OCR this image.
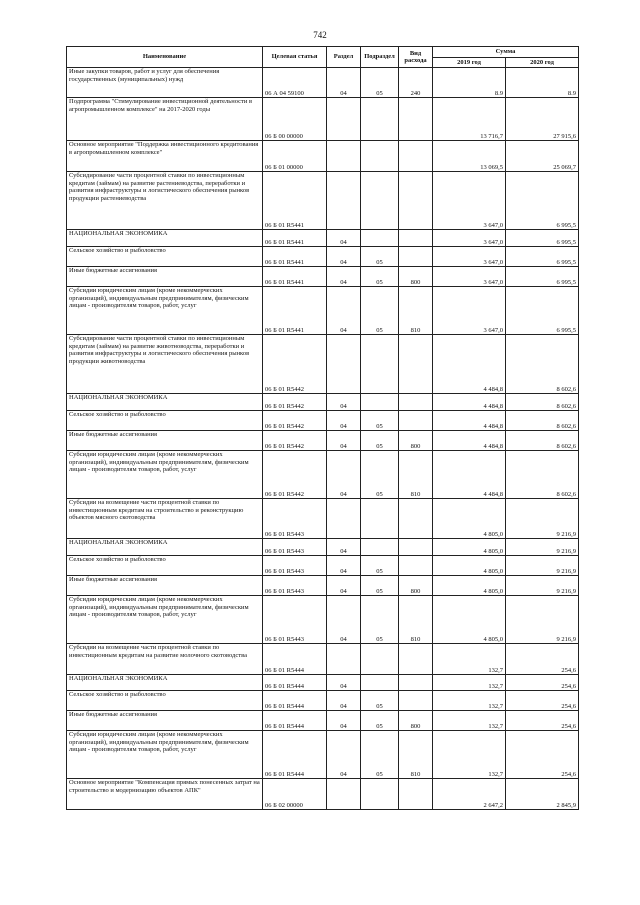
742
Наименование	Целевая статья	Раздел	Подраздел	Вид расхода	Сумма	
					2019 год	2020 год
Иные закупки товаров, работ и услуг для обеспечения государственных (муниципальных) нужд	06 А 04 59100	04	05	240	8.9	8.9
Подпрограмма "Стимулирование инвестиционной деятельности в агропромышленном комплексе" на 2017-2020 годы	06 Б 00 00000				13 716,7	27 915,6
Основное мероприятие "Поддержка инвестиционного кредитования в агропромышленном комплексе"	06 Б 01 00000				13 069,5	25 069,7
Субсидирование части процентной ставки по инвестиционным кредитам (займам) на развитие растениеводства, переработки и развития инфраструктуры и логистического обеспечения рынков продукции растениеводства	06 Б 01 R5441				3 647,0	6 995,5
НАЦИОНАЛЬНАЯ ЭКОНОМИКА	06 Б 01 R5441	04			3 647,0	6 995,5
Сельское хозяйство и рыболовство	06 Б 01 R5441	04	05		3 647,0	6 995,5
Иные бюджетные ассигнования	06 Б 01 R5441	04	05	800	3 647,0	6 995,5
Субсидии юридическим лицам (кроме некоммерческих организаций), индивидуальным предпринимателям, физическим лицам - производителям товаров, работ, услуг	06 Б 01 R5441	04	05	810	3 647,0	6 995,5
Субсидирование части процентной ставки по инвестиционным кредитам (займам) на развитие животноводства, переработки и развития инфраструктуры и логистического обеспечения рынков продукции животноводства	06 Б 01 R5442				4 484,8	8 602,6
НАЦИОНАЛЬНАЯ ЭКОНОМИКА	06 Б 01 R5442	04			4 484,8	8 602,6
Сельское хозяйство и рыболовство	06 Б 01 R5442	04	05		4 484,8	8 602,6
Иные бюджетные ассигнования	06 Б 01 R5442	04	05	800	4 484,8	8 602,6
Субсидии юридическим лицам (кроме некоммерческих организаций), индивидуальным предпринимателям, физическим лицам - производителям товаров, работ, услуг	06 Б 01 R5442	04	05	810	4 484,8	8 602,6
Субсидии на возмещение части процентной ставки по инвестиционным кредитам на строительство и реконструкцию объектов мясного скотоводства	06 Б 01 R5443				4 805,0	9 216,9
НАЦИОНАЛЬНАЯ ЭКОНОМИКА	06 Б 01 R5443	04			4 805,0	9 216,9
Сельское хозяйство и рыболовство	06 Б 01 R5443	04	05		4 805,0	9 216,9
Иные бюджетные ассигнования	06 Б 01 R5443	04	05	800	4 805,0	9 216,9
Субсидии юридическим лицам (кроме некоммерческих организаций), индивидуальным предпринимателям, физическим лицам - производителям товаров, работ, услуг	06 Б 01 R5443	04	05	810	4 805,0	9 216,9
Субсидии на возмещение части процентной ставки по инвестиционным кредитам на развитие молочного скотоводства	06 Б 01 R5444				132,7	254,6
НАЦИОНАЛЬНАЯ ЭКОНОМИКА	06 Б 01 R5444	04			132,7	254,6
Сельское хозяйство и рыболовство	06 Б 01 R5444	04	05		132,7	254,6
Иные бюджетные ассигнования	06 Б 01 R5444	04	05	800	132,7	254,6
Субсидии юридическим лицам (кроме некоммерческих организаций), индивидуальным предпринимателям, физическим лицам - производителям товаров, работ, услуг	06 Б 01 R5444	04	05	810	132,7	254,6
Основное мероприятие "Компенсация прямых понесенных затрат на строительство и модернизацию объектов АПК"	06 Б 02 00000				2 647,2	2 845,9
